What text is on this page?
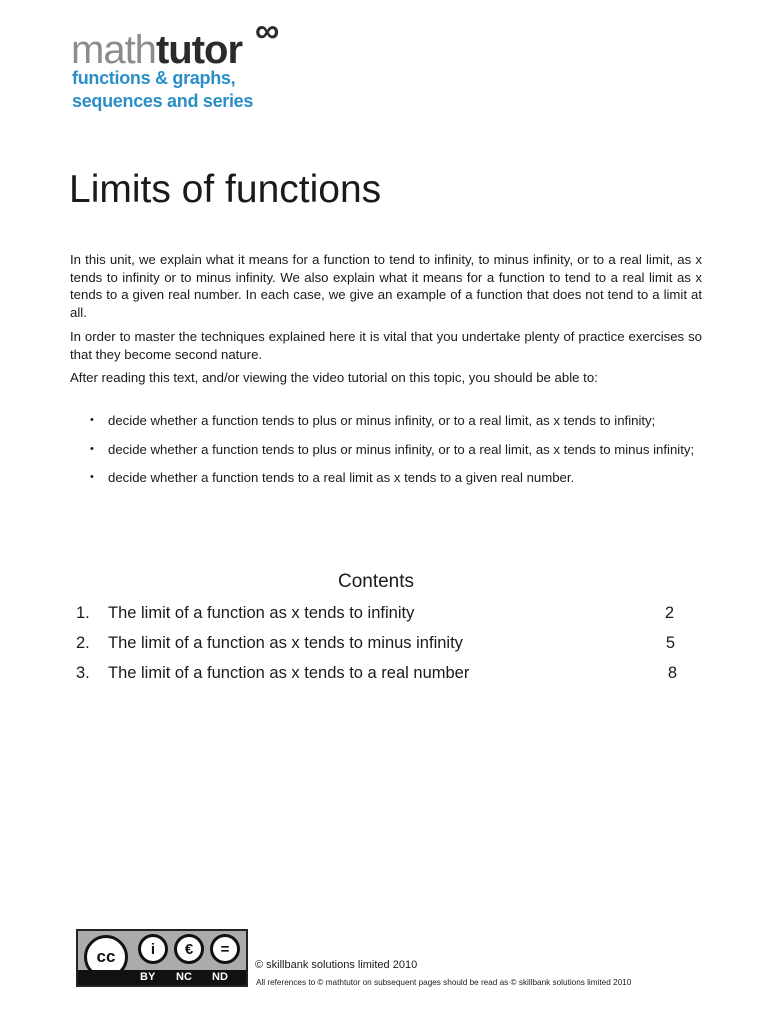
mathtutor ∞
functions & graphs,
sequences and series
Limits of functions

In this unit, we explain what it means for a function to tend to infinity, to minus infinity, or to a real limit, as x tends to infinity or to minus infinity. We also explain what it means for a function to tend to a real limit as x tends to a given real number. In each case, we give an example of a function that does not tend to a limit at all.

In order to master the techniques explained here it is vital that you undertake plenty of practice exercises so that they become second nature.

After reading this text, and/or viewing the video tutorial on this topic, you should be able to:

• decide whether a function tends to plus or minus infinity, or to a real limit, as x tends to infinity;
• decide whether a function tends to plus or minus infinity, or to a real limit, as x tends to minus infinity;
• decide whether a function tends to a real limit as x tends to a given real number.
Contents
1. The limit of a function as x tends to infinity	2
2. The limit of a function as x tends to minus infinity	5
3. The limit of a function as x tends to a real number	8
cc	i	€	=
BY NC ND
© skillbank solutions limited 2010
All references to © mathtutor on subsequent pages should be read as © skillbank solutions limited 2010
